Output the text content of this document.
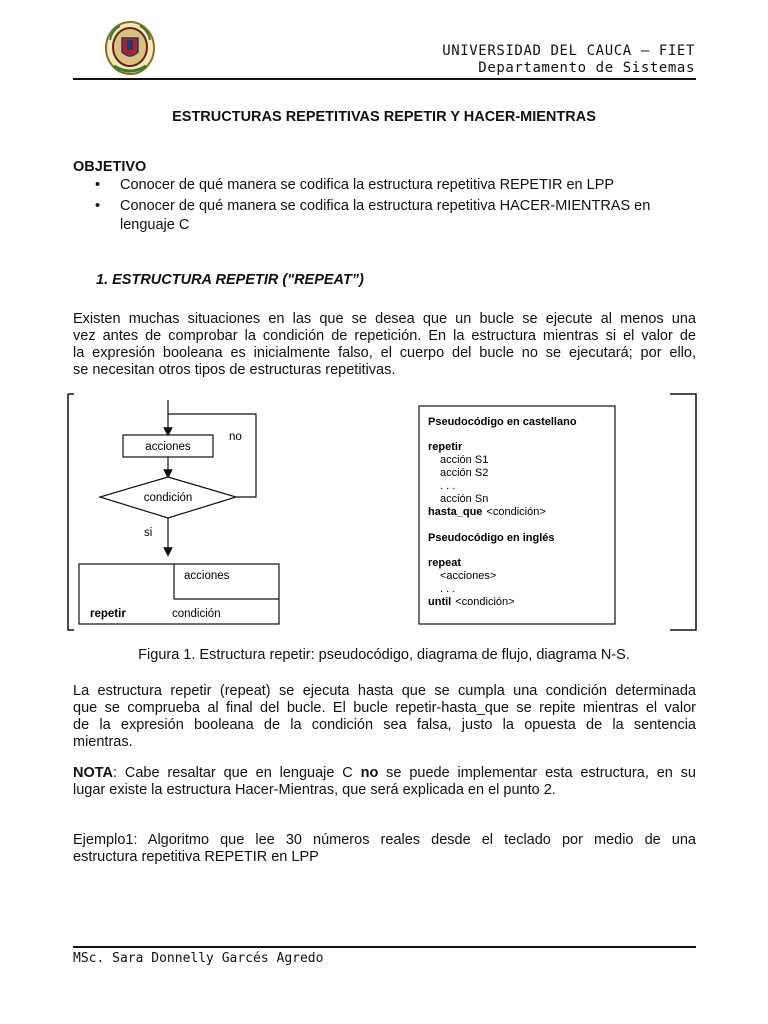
UNIVERSIDAD DEL CAUCA – FIET
Departamento de Sistemas
ESTRUCTURAS REPETITIVAS REPETIR Y HACER-MIENTRAS
OBJETIVO
• Conocer de qué manera se codifica la estructura repetitiva REPETIR en LPP
• Conocer de qué manera se codifica la estructura repetitiva HACER-MIENTRAS en lenguaje C
1. ESTRUCTURA REPETIR ("REPEAT”)
Existen muchas situaciones en las que se desea que un bucle se ejecute al menos una
vez antes de comprobar la condición de repetición. En la estructura mientras si el valor de
la expresión booleana es inicialmente falso, el cuerpo del bucle no se ejecutará; por ello,
se necesitan otros tipos de estructuras repetitivas.
acciones
condición
no
si
acciones
repetir	condición
Pseudocódigo en castellano
repetir
acción S1
acción S2
. . .
acción Sn
hasta_que <condición>
Pseudocódigo en inglés
repeat
<acciones>
. . .
until <condición>
Figura 1. Estructura repetir: pseudocódigo, diagrama de flujo, diagrama N-S.
La estructura repetir (repeat) se ejecuta hasta que se cumpla una condición determinada
que se comprueba al final del bucle. El bucle repetir-hasta_que se repite mientras el valor
de la expresión booleana de la condición sea falsa, justo la opuesta de la sentencia
mientras.
NOTA: Cabe resaltar que en lenguaje C no se puede implementar esta estructura, en su
lugar existe la estructura Hacer-Mientras, que será explicada en el punto 2.
Ejemplo1: Algoritmo que lee 30 números reales desde el teclado por medio de una
estructura repetitiva REPETIR en LPP
MSc. Sara Donnelly Garcés Agredo
